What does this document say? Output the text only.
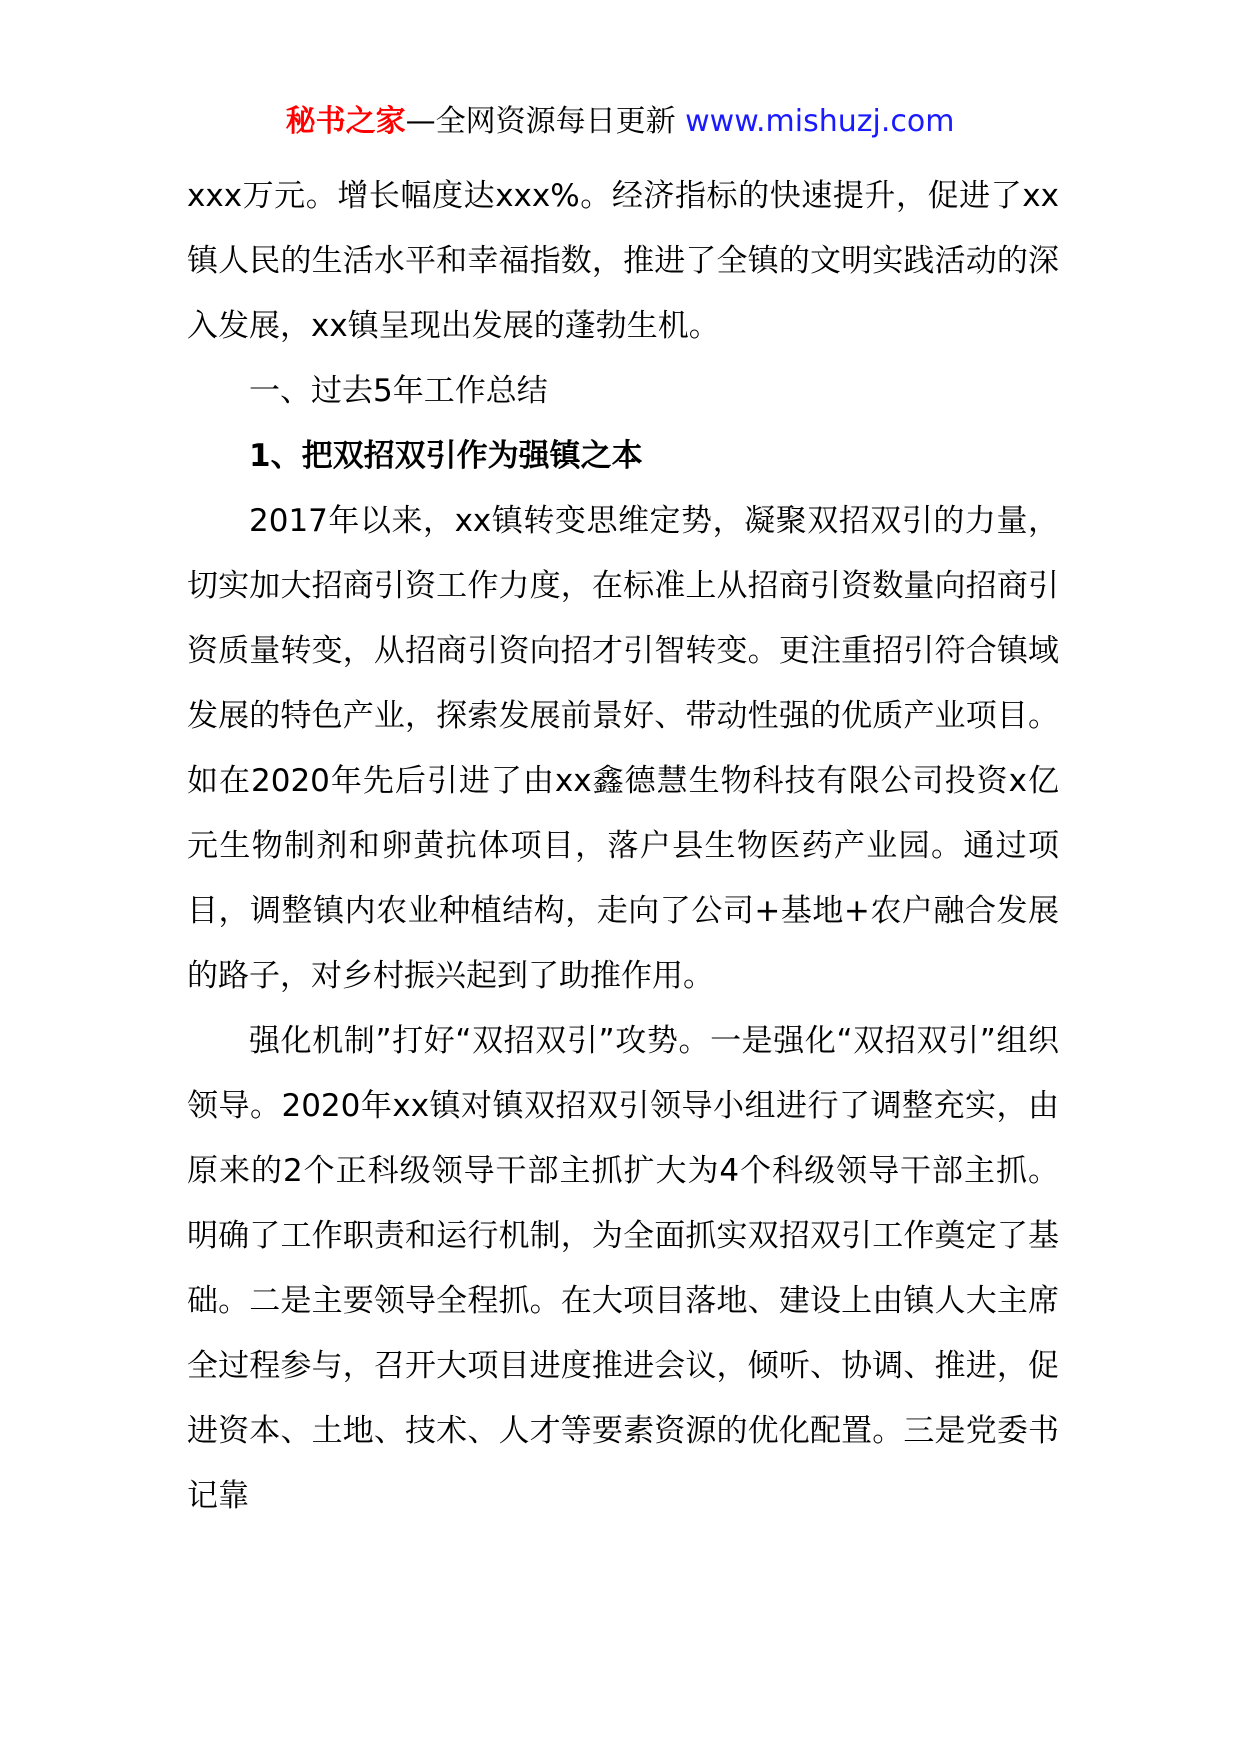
秘书之家—全网资源每日更新 www.mishuzj.com

xxx万元。增长幅度达xxx%。经济指标的快速提升，促进了xx镇人民的生活水平和幸福指数，推进了全镇的文明实践活动的深入发展，xx镇呈现出发展的蓬勃生机。

一、过去5年工作总结

1、把双招双引作为强镇之本

2017年以来，xx镇转变思维定势，凝聚双招双引的力量，切实加大招商引资工作力度，在标准上从招商引资数量向招商引资质量转变，从招商引资向招才引智转变。更注重招引符合镇域发展的特色产业，探索发展前景好、带动性强的优质产业项目。如在2020年先后引进了由xx鑫德慧生物科技有限公司投资x亿元生物制剂和卵黄抗体项目，落户县生物医药产业园。通过项目，调整镇内农业种植结构，走向了公司+基地+农户融合发展的路子，对乡村振兴起到了助推作用。

强化机制”打好“双招双引”攻势。一是强化“双招双引”组织领导。2020年xx镇对镇双招双引领导小组进行了调整充实，由原来的2个正科级领导干部主抓扩大为4个科级领导干部主抓。明确了工作职责和运行机制，为全面抓实双招双引工作奠定了基础。二是主要领导全程抓。在大项目落地、建设上由镇人大主席全过程参与，召开大项目进度推进会议，倾听、协调、推进，促进资本、土地、技术、人才等要素资源的优化配置。三是党委书记靠
